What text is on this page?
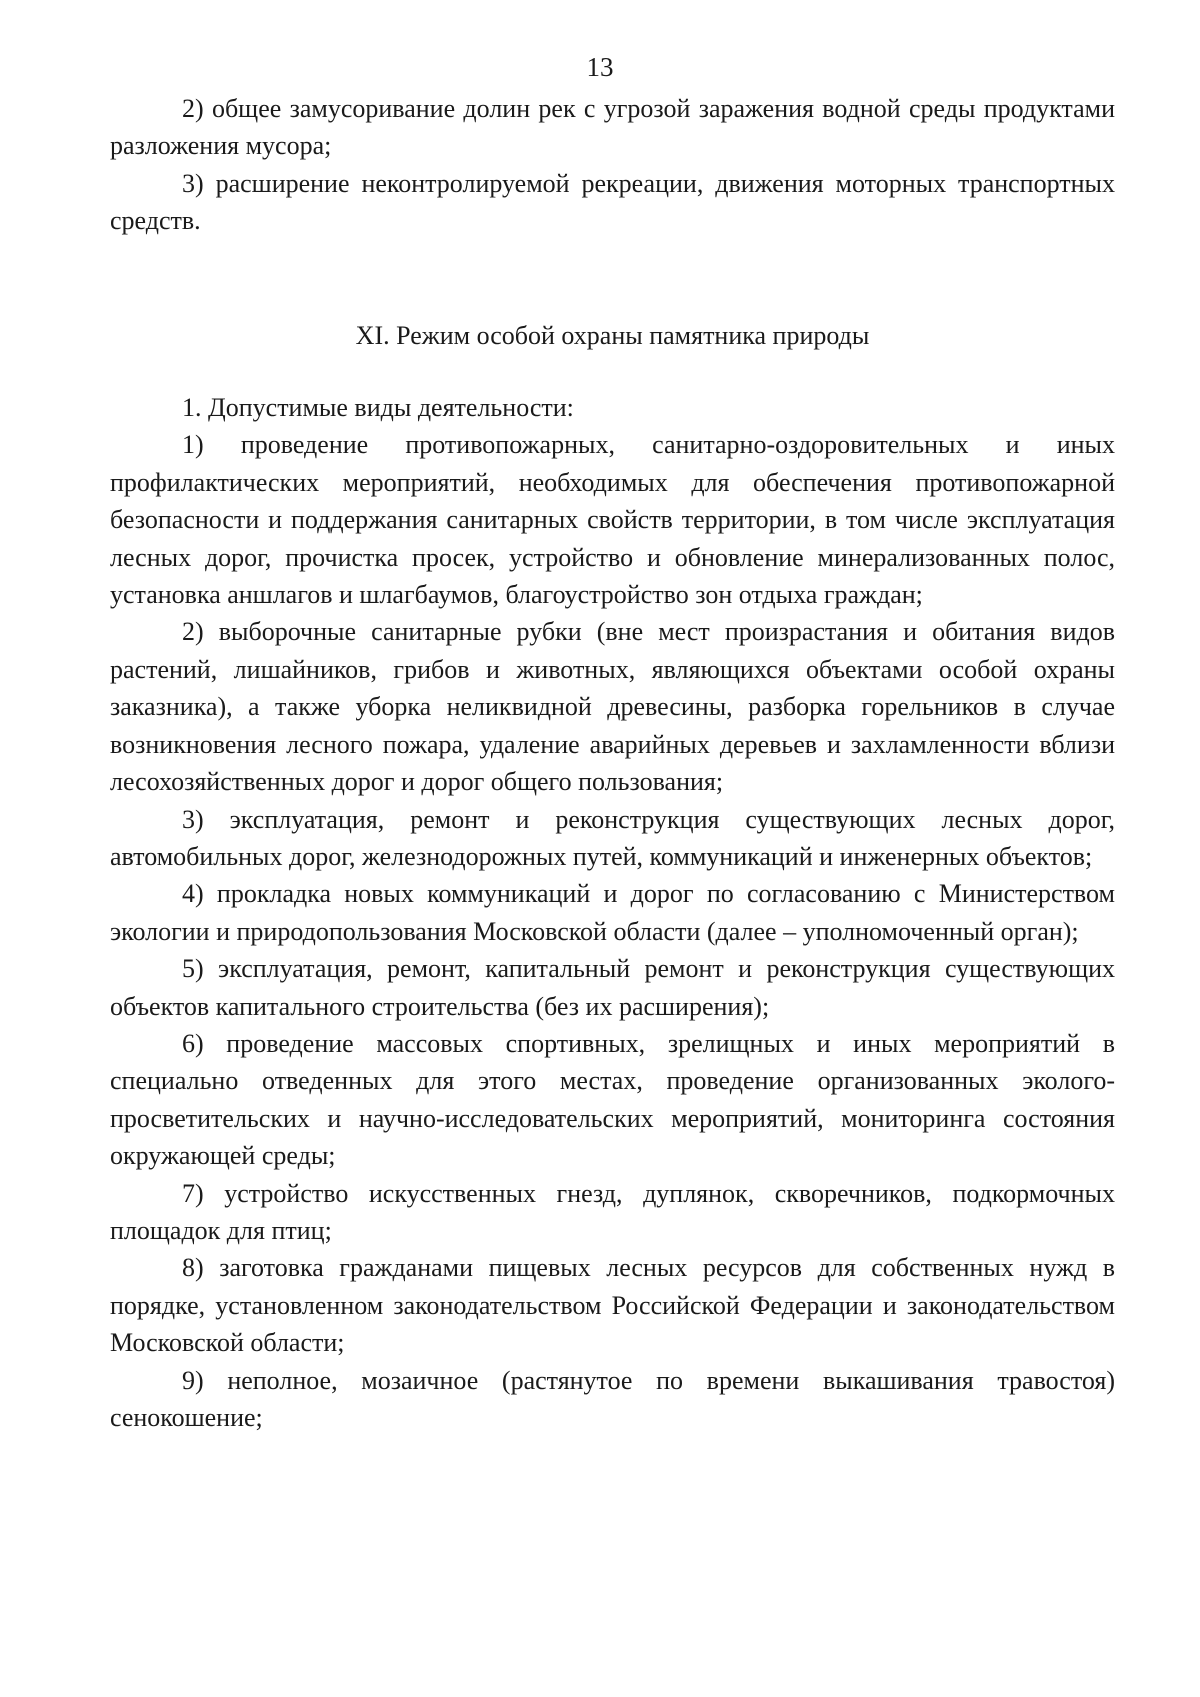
13

2) общее замусоривание долин рек с угрозой заражения водной среды продуктами разложения мусора;

3) расширение неконтролируемой рекреации, движения моторных транспортных средств.

XI. Режим особой охраны памятника природы

1. Допустимые виды деятельности:

1) проведение противопожарных, санитарно-оздоровительных и иных профилактических мероприятий, необходимых для обеспечения противопожарной безопасности и поддержания санитарных свойств территории, в том числе эксплуатация лесных дорог, прочистка просек, устройство и обновление минерализованных полос, установка аншлагов и шлагбаумов, благоустройство зон отдыха граждан;

2) выборочные санитарные рубки (вне мест произрастания и обитания видов растений, лишайников, грибов и животных, являющихся объектами особой охраны заказника), а также уборка неликвидной древесины, разборка горельников в случае возникновения лесного пожара, удаление аварийных деревьев и захламленности вблизи лесохозяйственных дорог и дорог общего пользования;

3) эксплуатация, ремонт и реконструкция существующих лесных дорог, автомобильных дорог, железнодорожных путей, коммуникаций и инженерных объектов;

4) прокладка новых коммуникаций и дорог по согласованию с Министерством экологии и природопользования Московской области (далее – уполномоченный орган);

5) эксплуатация, ремонт, капитальный ремонт и реконструкция существующих объектов капитального строительства (без их расширения);

6) проведение массовых спортивных, зрелищных и иных мероприятий в специально отведенных для этого местах, проведение организованных эколого-просветительских и научно-исследовательских мероприятий, мониторинга состояния окружающей среды;

7) устройство искусственных гнезд, дуплянок, скворечников, подкормочных площадок для птиц;

8) заготовка гражданами пищевых лесных ресурсов для собственных нужд в порядке, установленном законодательством Российской Федерации и законодательством Московской области;

9) неполное, мозаичное (растянутое по времени выкашивания травостоя) сенокошение;
